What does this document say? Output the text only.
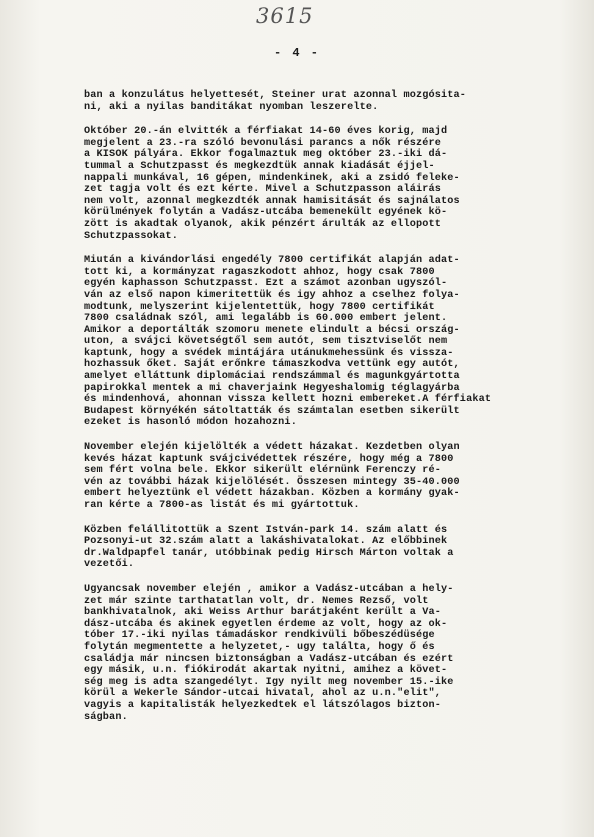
3615
- 4 -
ban a konzulátus helyettesét, Steiner urat azonnal mozgósita-
ni, aki a nyilas banditákat nyomban leszerelte.
Október 20.-án elvitték a férfiakat 14-60 éves korig, majd
megjelent a 23.-ra szóló bevonulási parancs a nők részére
a KISOK pályára. Ekkor fogalmaztuk meg október 23.-iki dá-
tummal a Schutzpasst és megkezdtük annak kiadását éjjel-
nappali munkával, 16 gépen, mindenkinek, aki a zsidó feleke-
zet tagja volt és ezt kérte. Mivel a Schutzpasson aláirás
nem volt, azonnal megkezdték annak hamisitását és sajnálatos
körülmények folytán a Vadász-utcába bemenekült egyének kö-
zött is akadtak olyanok, akik pénzért árulták az ellopott
Schutzpassokat.
Miután a kivándorlási engedély 7800 certifikát alapján adat-
tott ki, a kormányzat ragaszkodott ahhoz, hogy csak 7800
egyén kaphasson Schutzpasst. Ezt a számot azonban ugyszól-
ván az első napon kimeritettük és igy ahhoz a cselhez folya-
modtunk, melyszerint kijelentettük, hogy 7800 certifikát
7800 családnak szól, ami legalább is 60.000 embert jelent.
Amikor a deportálták szomoru menete elindult a bécsi ország-
uton, a svájci követségtől sem autót, sem tisztviselőt nem
kaptunk, hogy a svédek mintájára utánukmehessünk és vissza-
hozhassuk őket. Saját erőnkre támaszkodva vettünk egy autót,
amelyet elláttunk diplomáciai rendszámmal és magunkgyártotta
papirokkal mentek a mi chaverjaink Hegyeshalomig téglagyárba
és mindenhová, ahonnan vissza kellett hozni embereket.A férfiakat
Budapest környékén sátoltatták és számtalan esetben sikerült
ezeket is hasonló módon hozahozni.
November elején kijelölték a védett házakat. Kezdetben olyan
kevés házat kaptunk svájcivédettek részére, hogy még a 7800
sem fért volna bele. Ekkor sikerült elérnünk Ferenczy ré-
vén az további házak kijelölését. Összesen mintegy 35-40.000
embert helyeztünk el védett házakban. Közben a kormány gyak-
ran kérte a 7800-as listát és mi gyártottuk.
Közben felállitottük a Szent István-park 14. szám alatt és
Pozsonyi-ut 32.szám alatt a lakáshivatalokat. Az előbbinek
dr.Waldpapfel tanár, utóbbinak pedig Hirsch Márton voltak a
vezetői.
Ugyancsak november elején , amikor a Vadász-utcában a hely-
zet már szinte tarthatatlan volt, dr. Nemes Rezső, volt
bankhivatalnok, aki Weiss Arthur barátjaként került a Va-
dász-utcába és akinek egyetlen érdeme az volt, hogy az ok-
tóber 17.-iki nyilas támadáskor rendkivüli bőbeszédüsége
folytán megmentette a helyzetet,- ugy találta, hogy ő és
családja már nincsen biztonságban a Vadász-utcában és ezért
egy másik, u.n. fiókirodát akartak nyitni, amihez a követ-
ség meg is adta szangedélyt. Igy nyilt meg november 15.-ike
körül a Wekerle Sándor-utcai hivatal, ahol az u.n."elit",
vagyis a kapitalisták helyezkedtek el látszólagos bizton-
ságban.
